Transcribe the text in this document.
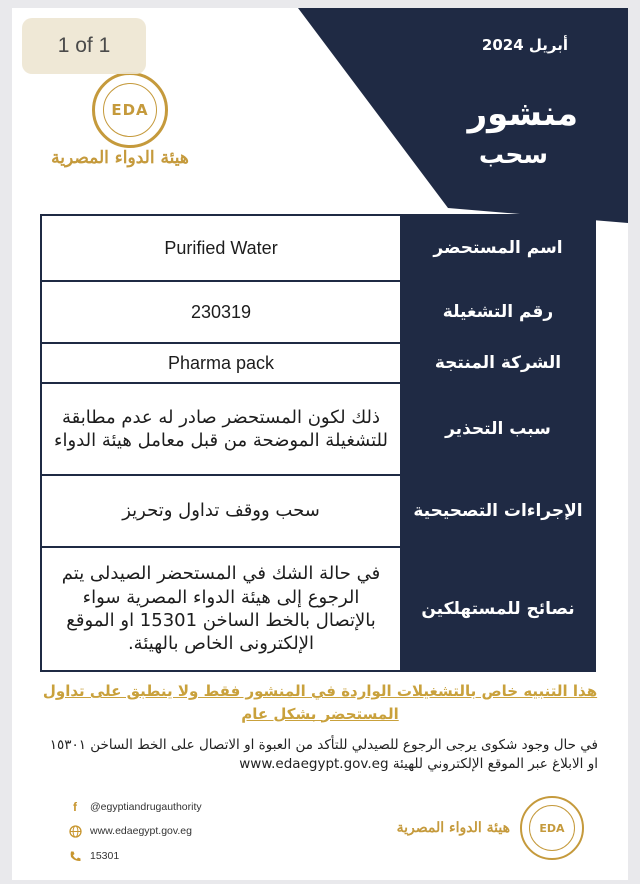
أبريل 2024
منشور
سحب
EDA
هيئة الدواء المصرية
Purified Water	اسم المستحضر
230319	رقم التشغيلة
Pharma pack	الشركة المنتجة
ذلك لكون المستحضر صادر له عدم مطابقة للتشغيلة الموضحة من قبل معامل هيئة الدواء	سبب التحذير
سحب ووقف تداول وتحريز	الإجراءات التصحيحية
في حالة الشك في المستحضر الصيدلى يتم الرجوع إلى هيئة الدواء المصرية سواء بالإتصال بالخط الساخن 15301 او الموقع الإلكترونى الخاص بالهيئة.	نصائح للمستهلكين
هذا التنبيه خاص بالتشغيلات الواردة في المنشور فقط ولا ينطبق على تداول المستحضر بشكل عام
في حال وجود شكوى يرجى الرجوع للصيدلي للتأكد من العبوة او الاتصال على الخط الساخن ١٥٣٠١ او الابلاغ عبر الموقع الإلكتروني للهيئة www.edaegypt.gov.eg
f	@egyptiandrugauthority
www.edaegypt.gov.eg
15301
هيئة الدواء المصرية	EDA
1 of 1
